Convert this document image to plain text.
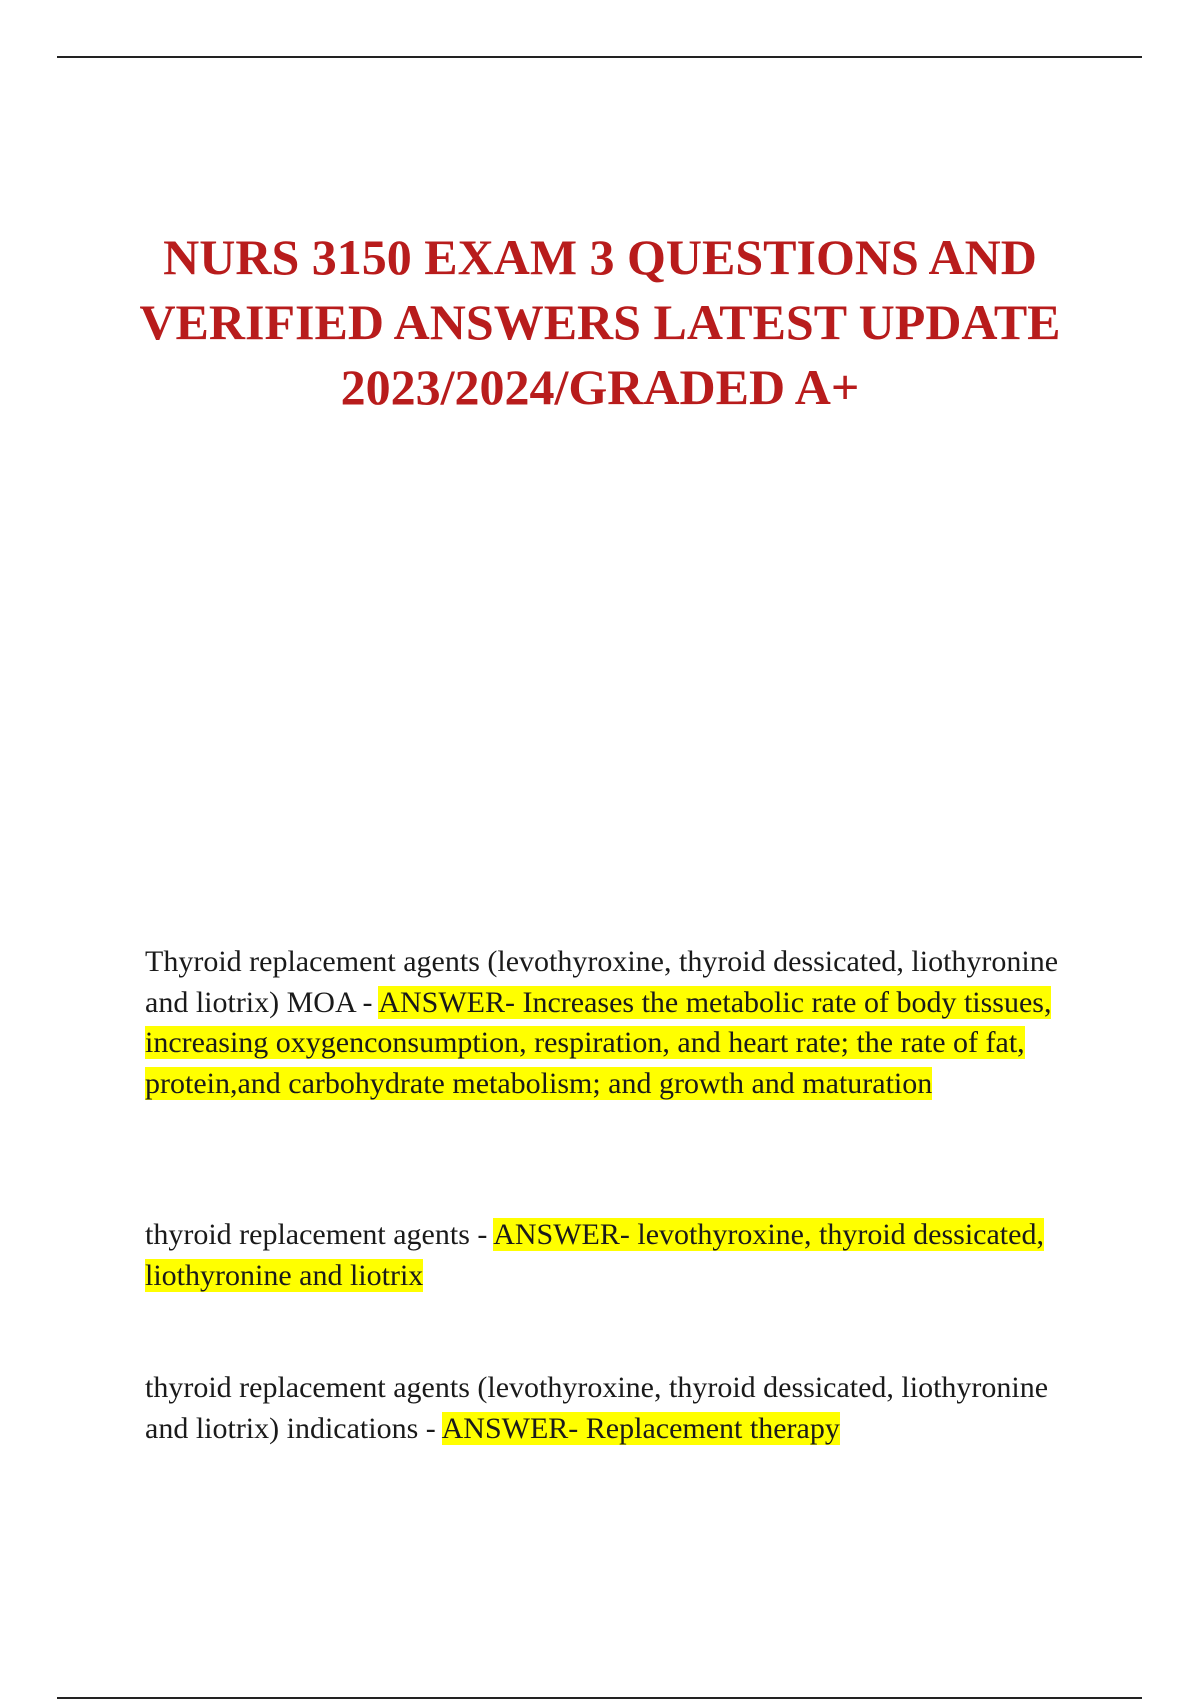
NURS 3150 EXAM 3 QUESTIONS AND VERIFIED ANSWERS LATEST UPDATE 2023/2024/GRADED A+

Thyroid replacement agents (levothyroxine, thyroid dessicated, liothyronine and liotrix) MOA - ANSWER- Increases the metabolic rate of body tissues, increasing oxygenconsumption, respiration, and heart rate; the rate of fat, protein,and carbohydrate metabolism; and growth and maturation

thyroid replacement agents - ANSWER- levothyroxine, thyroid dessicated, liothyronine and liotrix

thyroid replacement agents (levothyroxine, thyroid dessicated, liothyronine and liotrix) indications - ANSWER- Replacement therapy
